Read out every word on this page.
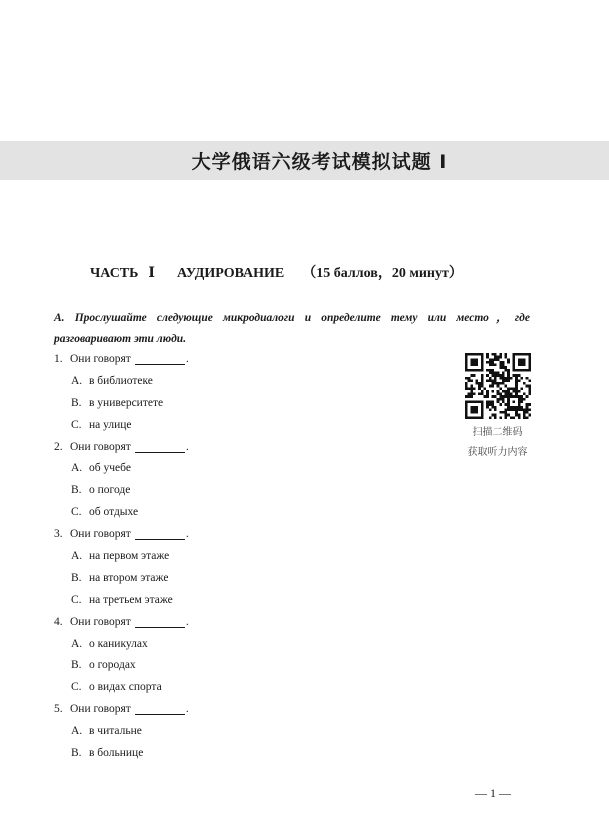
大学俄语六级考试模拟试题 I
ЧАСТЬ Ⅰ АУДИРОВАНИЕ （15 баллов，20 минут）
А. Прослушайте следующие микродиалоги и определите тему или место，где разговаривают эти люди.
1. Они говорят	.
А. в библиотеке
В. в университете
С. на улице
2. Они говорят	.
А. об учебе
В. о погоде
С. об отдыхе
3. Они говорят	.
А. на первом этаже
В. на втором этаже
С. на третьем этаже
4. Они говорят	.
А. о каникулах
В. о городах
С. о видах спорта
5. Они говорят	.
А. в читальне
В. в больнице
扫描二维码
获取听力内容
— 1 —
